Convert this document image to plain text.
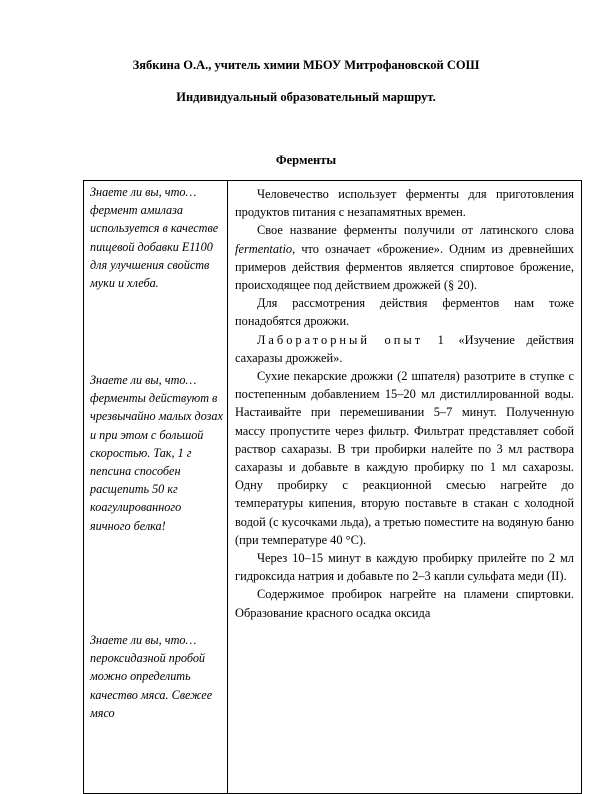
Зябкина О.А., учитель химии МБОУ Митрофановской СОШ
Индивидуальный образовательный маршрут.
Ферменты
Знаете ли вы, что… фермент амилаза используется в качестве пищевой добавки Е1100 для улучшения свойств муки и хлеба.
Знаете ли вы, что… ферменты действуют в чрезвычайно малых дозах и при этом с большой скоростью. Так, 1 г пепсина способен расщепить 50 кг коагулированного яичного белка!
Знаете ли вы, что… пероксидазной пробой можно определить качество мяса. Свежее мясо

Человечество использует ферменты для приготовления продуктов питания с незапамятных времен.

Свое название ферменты получили от латинского слова fermentatio, что означает «брожение». Одним из древнейших примеров действия ферментов является спиртовое брожение, происходящее под действием дрожжей (§ 20).

Для рассмотрения действия ферментов нам тоже понадобятся дрожжи.

Лабораторный опыт 1 «Изучение действия сахаразы дрожжей».

Сухие пекарские дрожжи (2 шпателя) разотрите в ступке с постепенным добавлением 15–20 мл дистиллированной воды. Настаивайте при перемешивании 5–7 минут. Полученную массу пропустите через фильтр. Фильтрат представляет собой раствор сахаразы. В три пробирки налейте по 3 мл раствора сахаразы и добавьте в каждую пробирку по 1 мл сахарозы. Одну пробирку с реакционной смесью нагрейте до температуры кипения, вторую поставьте в стакан с холодной водой (с кусочками льда), а третью поместите на водяную баню (при температуре 40 °С).

Через 10–15 минут в каждую пробирку прилейте по 2 мл гидроксида натрия и добавьте по 2–3 капли сульфата меди (II).

Содержимое пробирок нагрейте на пламени спиртовки. Образование красного осадка оксида
